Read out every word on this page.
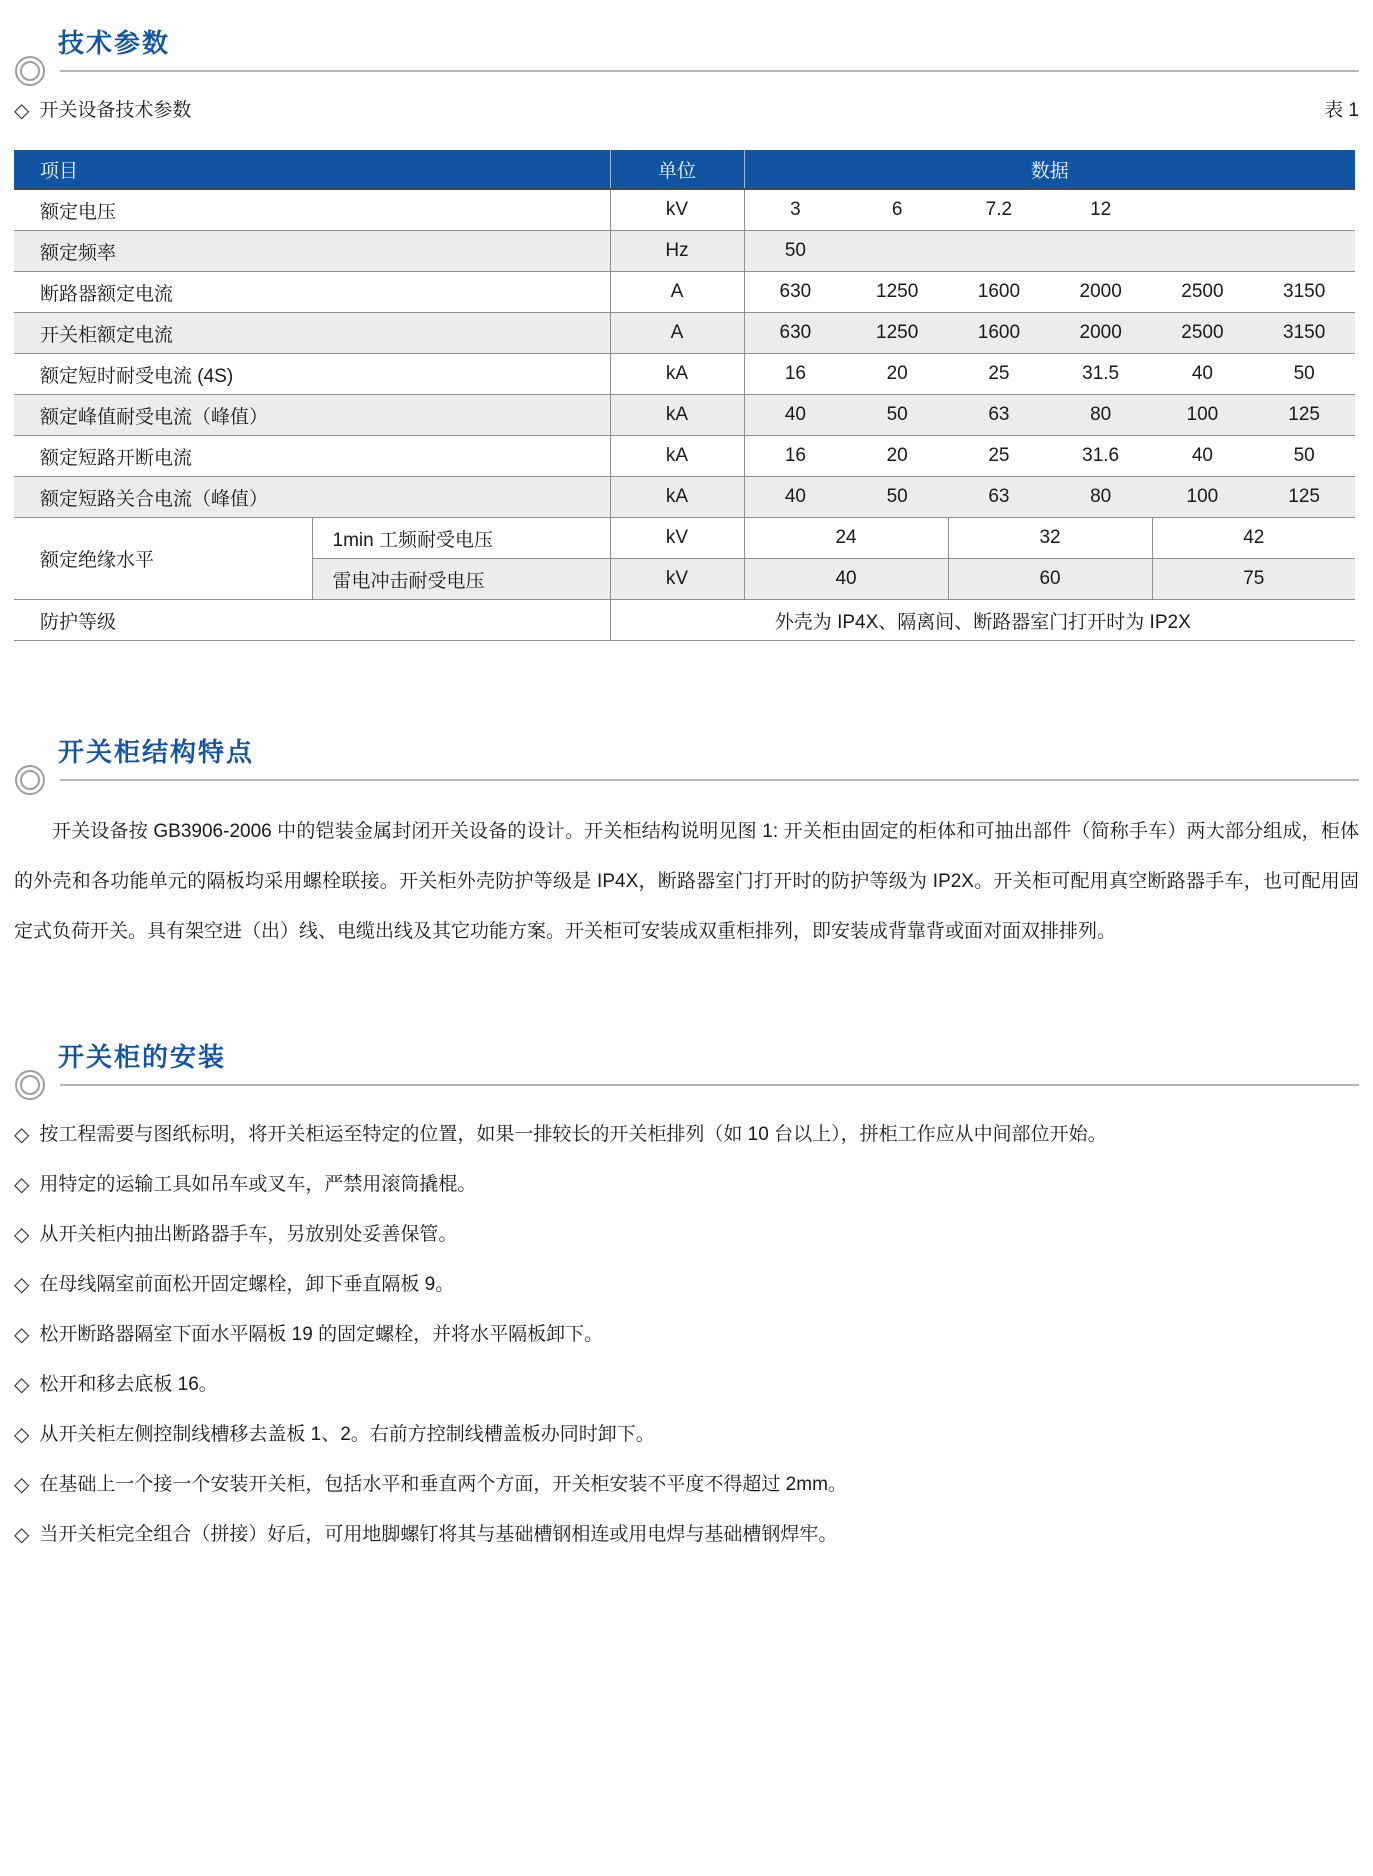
技术参数
◇ 开关设备技术参数	表 1
项目		单位	数据		
额定电压		kV	3 6 7.2 12		

额定频率		Hz	50		

断路器额定电流	A	630	1250	1600	2000	2500	3150

开关柜额定电流	A	630	1250	1600	2000	2500	3150

额定短时耐受电流 (4S)	kA	16	20	25	31.5	40	50

额定峰值耐受电流（峰值）	kA	40	50	63	80	100	125

额定短路开断电流	kA	16	20	25	31.6	40	50

额定短路关合电流（峰值）	kA	40	50	63	80	100	125

额定绝缘水平	1min 工频耐受电压	kV	24	32	42
	雷电冲击耐受电压	kV	40	60	75
防护等级		外壳为 IP4X、隔离间、断路器室门打开时为 IP2X			
开关柜结构特点

开关设备按 GB3906-2006 中的铠装金属封闭开关设备的设计。开关柜结构说明见图 1: 开关柜由固定的柜体和可抽出部件（简称手车）两大部分组成，柜体的外壳和各功能单元的隔板均采用螺栓联接。开关柜外壳防护等级是 IP4X，断路器室门打开时的防护等级为 IP2X。开关柜可配用真空断路器手车，也可配用固定式负荷开关。具有架空进（出）线、电缆出线及其它功能方案。开关柜可安装成双重柜排列，即安装成背靠背或面对面双排排列。

开关柜的安装
◇ 按工程需要与图纸标明，将开关柜运至特定的位置，如果一排较长的开关柜排列（如 10 台以上），拼柜工作应从中间部位开始。
◇ 用特定的运输工具如吊车或叉车，严禁用滚筒撬棍。
◇ 从开关柜内抽出断路器手车，另放别处妥善保管。
◇ 在母线隔室前面松开固定螺栓，卸下垂直隔板 9。
◇ 松开断路器隔室下面水平隔板 19 的固定螺栓，并将水平隔板卸下。
◇ 松开和移去底板 16。
◇ 从开关柜左侧控制线槽移去盖板 1、2。右前方控制线槽盖板办同时卸下。
◇ 在基础上一个接一个安装开关柜，包括水平和垂直两个方面，开关柜安装不平度不得超过 2mm。
◇ 当开关柜完全组合（拼接）好后，可用地脚螺钉将其与基础槽钢相连或用电焊与基础槽钢焊牢。
